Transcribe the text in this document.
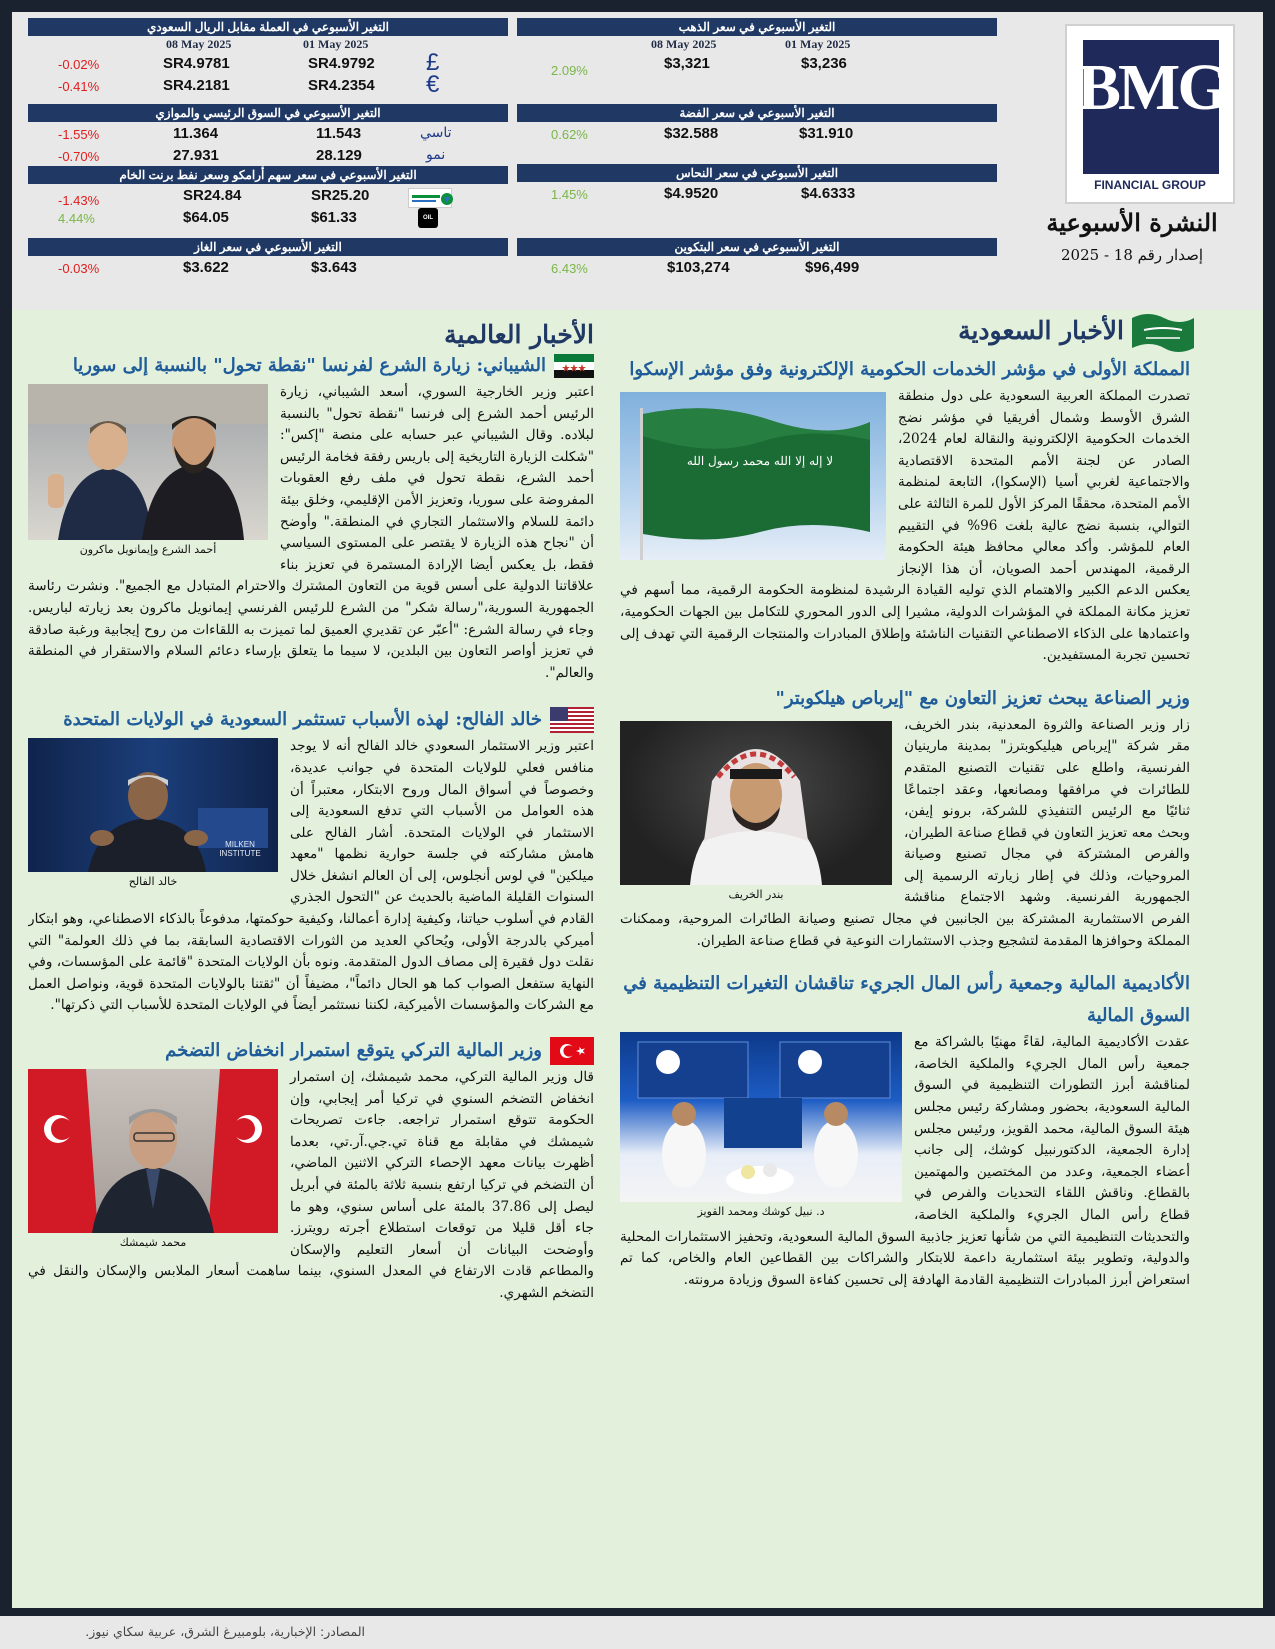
التغير الأسبوعي في العملة مقابل الريال السعودي
08 May 2025	01 May 2025
-0.02%	SR4.9781	SR4.9792 £
-0.41%	SR4.2181	SR4.2354 €
التغير الأسبوعي في السوق الرئيسي والموازي
-1.55%	11.364	11.543	تاسي
-0.70%	27.931	28.129	نمو
التغير الأسبوعي في سعر سهم أرامكو وسعر نفط برنت الخام
-1.43%	SR24.84	SR25.20
4.44%	$64.05	$61.33	OIL
التغير الأسبوعي في سعر الغاز
-0.03%	$3.622	$3.643
التغير الأسبوعي في سعر الذهب
08 May 2025	01 May 2025
2.09%	$3,321	$3,236
التغير الأسبوعي في سعر الفضة
0.62%	$32.588	$31.910
التغير الأسبوعي في سعر النحاس
1.45%	$4.9520	$4.6333
التغير الأسبوعي في سعر البتكوين
6.43%	$103,274	$96,499
BMG
FINANCIAL GROUP
النشرة الأسبوعية
إصدار رقم 18 - 2025
الأخبار السعودية
المملكة الأولى في مؤشر الخدمات الحكومية الإلكترونية وفق مؤشر الإسكوا
لا إله إلا الله محمد رسول الله
تصدرت المملكة العربية السعودية على دول منطقة الشرق الأوسط وشمال أفريقيا في مؤشر نضج الخدمات الحكومية الإلكترونية والنقالة لعام 2024، الصادر عن لجنة الأمم المتحدة الاقتصادية والاجتماعية لغربي أسيا (الإسكوا)، التابعة لمنظمة الأمم المتحدة، محققًا المركز الأول للمرة الثالثة على التوالي، بنسبة نضج عالية بلغت 96% في التقييم العام للمؤشر. وأكد معالي محافظ هيئة الحكومة الرقمية، المهندس أحمد الصويان، أن هذا الإنجاز يعكس الدعم الكبير والاهتمام الذي توليه القيادة الرشيدة لمنظومة الحكومة الرقمية، مما أسهم في تعزيز مكانة المملكة في المؤشرات الدولية، مشيرا إلى الدور المحوري للتكامل بين الجهات الحكومية، واعتمادها على الذكاء الاصطناعي التقنيات الناشئة وإطلاق المبادرات والمنتجات الرقمية التي تهدف إلى تحسين تجربة المستفيدين.
وزير الصناعة يبحث تعزيز التعاون مع "إيرباص هيلكوبتر"
بندر الخريف
زار وزير الصناعة والثروة المعدنية، بندر الخريف، مقر شركة "إيرباص هيليكوبترز" بمدينة مارينيان الفرنسية، واطلع على تقنيات التصنيع المتقدم للطائرات في مرافقها ومصانعها، وعقد اجتماعًا ثنائيًا مع الرئيس التنفيذي للشركة، برونو إيفن، وبحث معه تعزيز التعاون في قطاع صناعة الطيران، والفرص المشتركة في مجال تصنيع وصيانة المروحيات، وذلك في إطار زيارته الرسمية إلى الجمهورية الفرنسية. وشهد الاجتماع مناقشة الفرص الاستثمارية المشتركة بين الجانبين في مجال تصنيع وصيانة الطائرات المروحية، وممكنات المملكة وحوافزها المقدمة لتشجيع وجذب الاستثمارات النوعية في قطاع صناعة الطيران.
الأكاديمية المالية وجمعية رأس المال الجريء تناقشان التغيرات التنظيمية في السوق المالية
د. نبيل كوشك ومحمد القويز
عقدت الأكاديمية المالية، لقاءً مهنيًا بالشراكة مع جمعية رأس المال الجريء والملكية الخاصة، لمناقشة أبرز التطورات التنظيمية في السوق المالية السعودية، بحضور ومشاركة رئيس مجلس هيئة السوق المالية، محمد القويز، ورئيس مجلس إدارة الجمعية، الدكتورنبيل كوشك، إلى جانب أعضاء الجمعية، وعدد من المختصين والمهتمين بالقطاع. وناقش اللقاء التحديات والفرص في قطاع رأس المال الجريء والملكية الخاصة، والتحديثات التنظيمية التي من شأنها تعزيز جاذبية السوق المالية السعودية، وتحفيز الاستثمارات المحلية والدولية، وتطوير بيئة استثمارية داعمة للابتكار والشراكات بين القطاعين العام والخاص، كما تم استعراض أبرز المبادرات التنظيمية القادمة الهادفة إلى تحسين كفاءة السوق وزيادة مرونته.
الأخبار العالمية
الشيباني: زيارة الشرع لفرنسا "نقطة تحول" بالنسبة إلى سوريا
أحمد الشرع وإيمانويل ماكرون
اعتبر وزير الخارجية السوري، أسعد الشيباني، زيارة الرئيس أحمد الشرع إلى فرنسا "نقطة تحول" بالنسبة لبلاده. وقال الشيباني عبر حسابه على منصة "إكس": "شكلت الزيارة التاريخية إلى باريس رفقة فخامة الرئيس أحمد الشرع، نقطة تحول في ملف رفع العقوبات المفروضة على سوريا، وتعزيز الأمن الإقليمي، وخلق بيئة دائمة للسلام والاستثمار التجاري في المنطقة." وأوضح أن "نجاح هذه الزيارة لا يقتصر على المستوى السياسي فقط، بل يعكس أيضا الإرادة المستمرة في تعزيز بناء علاقاتنا الدولية على أسس قوية من التعاون المشترك والاحترام المتبادل مع الجميع". ونشرت رئاسة الجمهورية السورية،"رسالة شكر" من الشرع للرئيس الفرنسي إيمانويل ماكرون بعد زيارته لباريس. وجاء في رسالة الشرع: "أعبّر عن تقديري العميق لما تميزت به اللقاءات من روح إيجابية ورغبة صادقة في تعزيز أواصر التعاون بين البلدين، لا سيما ما يتعلق بإرساء دعائم السلام والاستقرار في المنطقة والعالم".
خالد الفالح: لهذه الأسباب تستثمر السعودية في الولايات المتحدة
MILKEN INSTITUTE
خالد الفالح
اعتبر وزير الاستثمار السعودي خالد الفالح أنه لا يوجد منافس فعلي للولايات المتحدة في جوانب عديدة، وخصوصاً في أسواق المال وروح الابتكار، معتبراً أن هذه العوامل من الأسباب التي تدفع السعودية إلى الاستثمار في الولايات المتحدة. أشار الفالح على هامش مشاركته في جلسة حوارية نظمها "معهد ميلكين" في لوس أنجلوس، إلى أن العالم انشغل خلال السنوات القليلة الماضية بالحديث عن "التحول الجذري القادم في أسلوب حياتنا، وكيفية إدارة أعمالنا، وكيفية حوكمتها، مدفوعاً بالذكاء الاصطناعي، وهو ابتكار أميركي بالدرجة الأولى، ويُحاكي العديد من الثورات الاقتصادية السابقة، بما في ذلك العولمة" التي نقلت دول فقيرة إلى مصاف الدول المتقدمة. ونوه بأن الولايات المتحدة "قائمة على المؤسسات، وفي النهاية ستفعل الصواب كما هو الحال دائماً"، مضيفاً أن "ثقتنا بالولايات المتحدة قوية، ونواصل العمل مع الشركات والمؤسسات الأميركية، لكننا نستثمر أيضاً في الولايات المتحدة للأسباب التي ذكرتها".
وزير المالية التركي يتوقع استمرار انخفاض التضخم
محمد شيمشك
قال وزير المالية التركي، محمد شيمشك، إن استمرار انخفاض التضخم السنوي في تركيا أمر إيجابي، وإن الحكومة تتوقع استمرار تراجعه. جاءت تصريحات شيمشك في مقابلة مع قناة تي.جي.آر.تي، بعدما أظهرت بيانات معهد الإحصاء التركي الاثنين الماضي، أن التضخم في تركيا ارتفع بنسبة ثلاثة بالمئة في أبريل ليصل إلى 37.86 بالمئة على أساس سنوي، وهو ما جاء أقل قليلا من توقعات استطلاع أجرته رويترز. وأوضحت البيانات أن أسعار التعليم والإسكان والمطاعم قادت الارتفاع في المعدل السنوي، بينما ساهمت أسعار الملابس والإسكان والنقل في التضخم الشهري.
المصادر: الإخبارية، بلومبيرغ الشرق، عربية سكاي نيوز.
